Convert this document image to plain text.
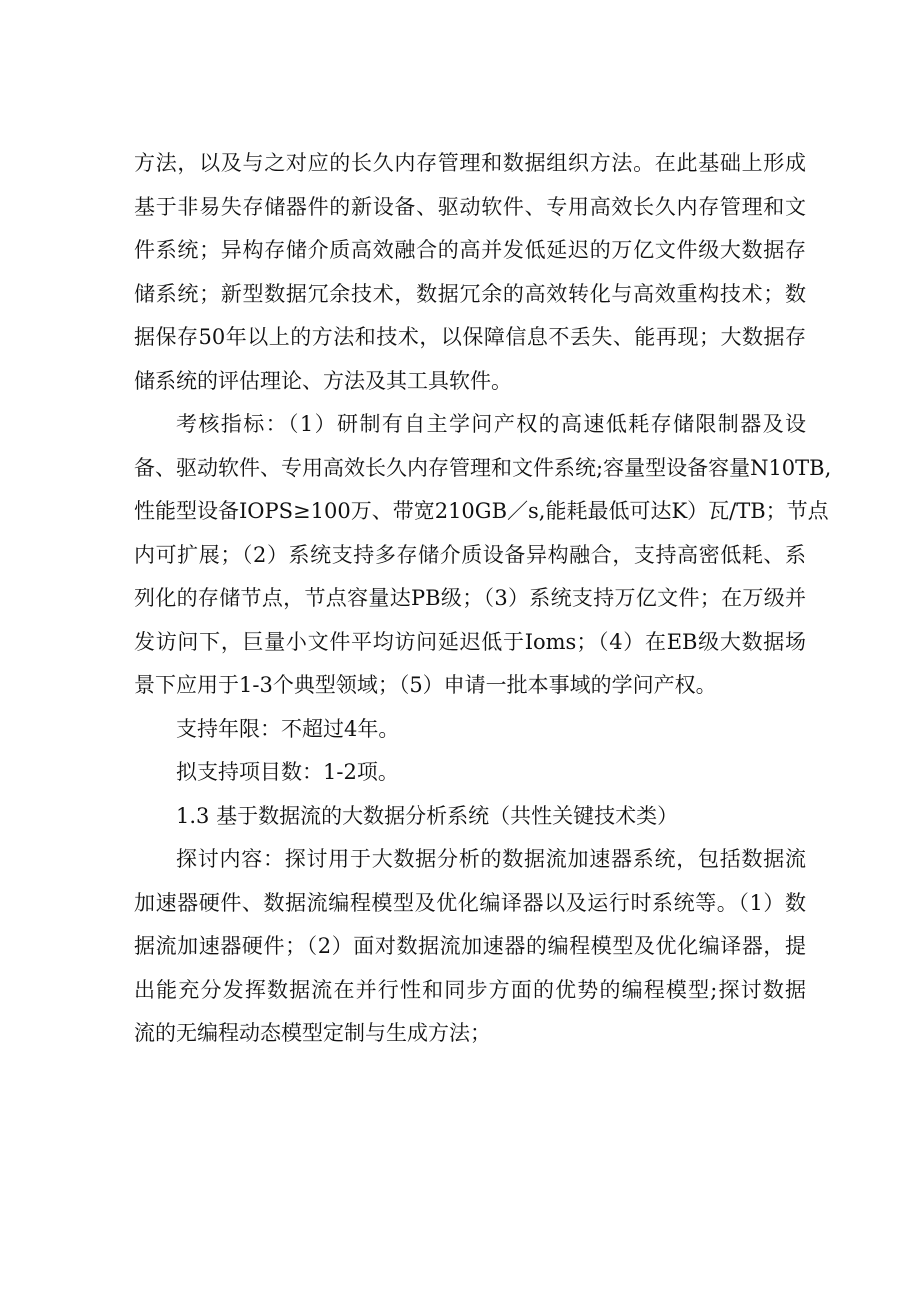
方法，以及与之对应的长久内存管理和数据组织方法。在此基础上形成
基于非易失存储器件的新设备、驱动软件、专用高效长久内存管理和文
件系统；异构存储介质高效融合的高并发低延迟的万亿文件级大数据存
储系统；新型数据冗余技术，数据冗余的高效转化与高效重构技术；数
据保存50年以上的方法和技术，以保障信息不丢失、能再现；大数据存
储系统的评估理论、方法及其工具软件。
考核指标：（1）研制有自主学问产权的高速低耗存储限制器及设
备、驱动软件、专用高效长久内存管理和文件系统;容量型设备容量N10TB,
性能型设备IOPS≥100万、带宽210GB／s,能耗最低可达K）瓦/TB；节点
内可扩展；（2）系统支持多存储介质设备异构融合，支持高密低耗、系
列化的存储节点，节点容量达PB级；（3）系统支持万亿文件；在万级并
发访问下，巨量小文件平均访问延迟低于Ioms；（4）在EB级大数据场
景下应用于1-3个典型领域；（5）申请一批本事域的学问产权。
支持年限：不超过4年。
拟支持项目数：1-2项。
1.3 基于数据流的大数据分析系统（共性关键技术类）
探讨内容：探讨用于大数据分析的数据流加速器系统，包括数据流
加速器硬件、数据流编程模型及优化编译器以及运行时系统等。（1）数
据流加速器硬件；（2）面对数据流加速器的编程模型及优化编译器，提
出能充分发挥数据流在并行性和同步方面的优势的编程模型;探讨数据
流的无编程动态模型定制与生成方法；
